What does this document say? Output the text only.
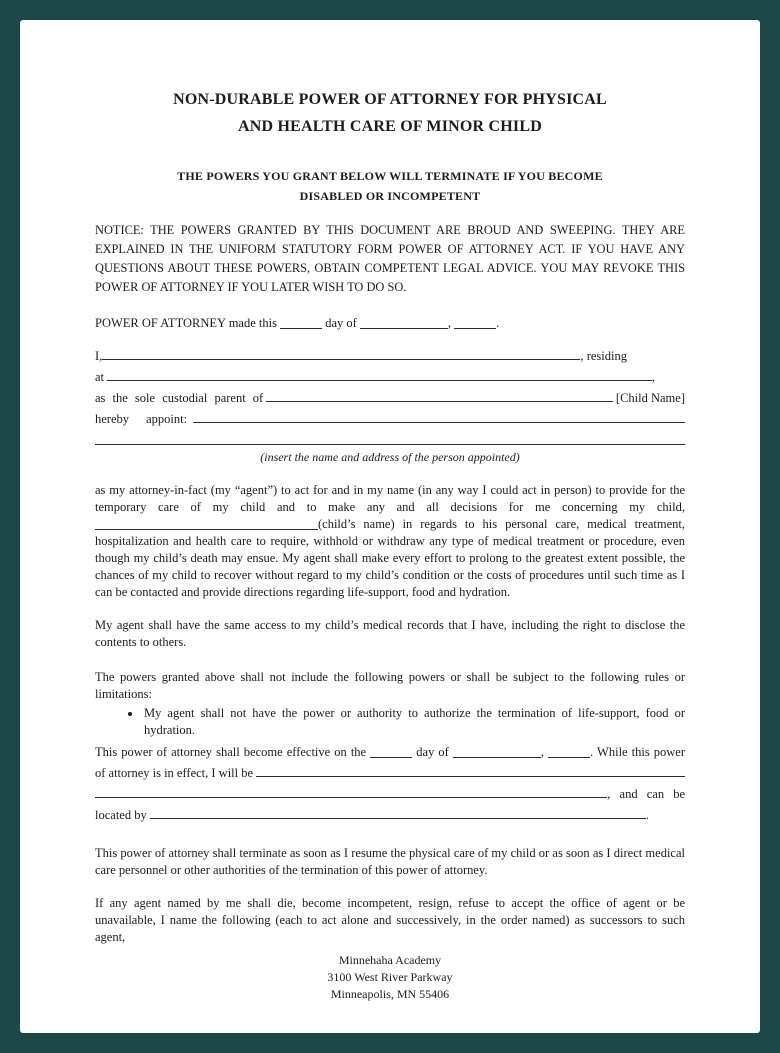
NON-DURABLE POWER OF ATTORNEY FOR PHYSICAL
AND HEALTH CARE OF MINOR CHILD
THE POWERS YOU GRANT BELOW WILL TERMINATE IF YOU BECOME
DISABLED OR INCOMPETENT
NOTICE: THE POWERS GRANTED BY THIS DOCUMENT ARE BROUD AND SWEEPING. THEY ARE EXPLAINED IN THE UNIFORM STATUTORY FORM POWER OF ATTORNEY ACT. IF YOU HAVE ANY QUESTIONS ABOUT THESE POWERS, OBTAIN COMPETENT LEGAL ADVICE. YOU MAY REVOKE THIS POWER OF ATTORNEY IF YOU LATER WISH TO DO SO.
POWER OF ATTORNEY made this	day of	,	.
I,	, residing
at
	,
as the sole custodial parent of

	[Child Name]
hereby appoint:

(insert the name and address of the person appointed)
as my attorney-in-fact (my “agent”) to act for and in my name (in any way I could act in person) to provide for the temporary care of my child and to make any and all decisions for me concerning my child, (child’s name) in regards to his personal care, medical treatment, hospitalization and health care to require, withhold or withdraw any type of medical treatment or procedure, even though my child’s death may ensue. My agent shall make every effort to prolong to the greatest extent possible, the chances of my child to recover without regard to my child’s condition or the costs of procedures until such time as I can be contacted and provide directions regarding life-support, food and hydration.
My agent shall have the same access to my child’s medical records that I have, including the right to disclose the contents to others.
The powers granted above shall not include the following powers or shall be subject to the following rules or limitations:
• My agent shall not have the power or authority to authorize the termination of life-support, food or hydration.
This power of attorney shall become effective on the	day of	,	. While this power
of attorney is in effect, I will be

, and can be
located by
	.
This power of attorney shall terminate as soon as I resume the physical care of my child or as soon as I direct medical care personnel or other authorities of the termination of this power of attorney.
If any agent named by me shall die, become incompetent, resign, refuse to accept the office of agent or be unavailable, I name the following (each to act alone and successively, in the order named) as successors to such agent,
Minnehaha Academy
3100 West River Parkway
Minneapolis, MN 55406
